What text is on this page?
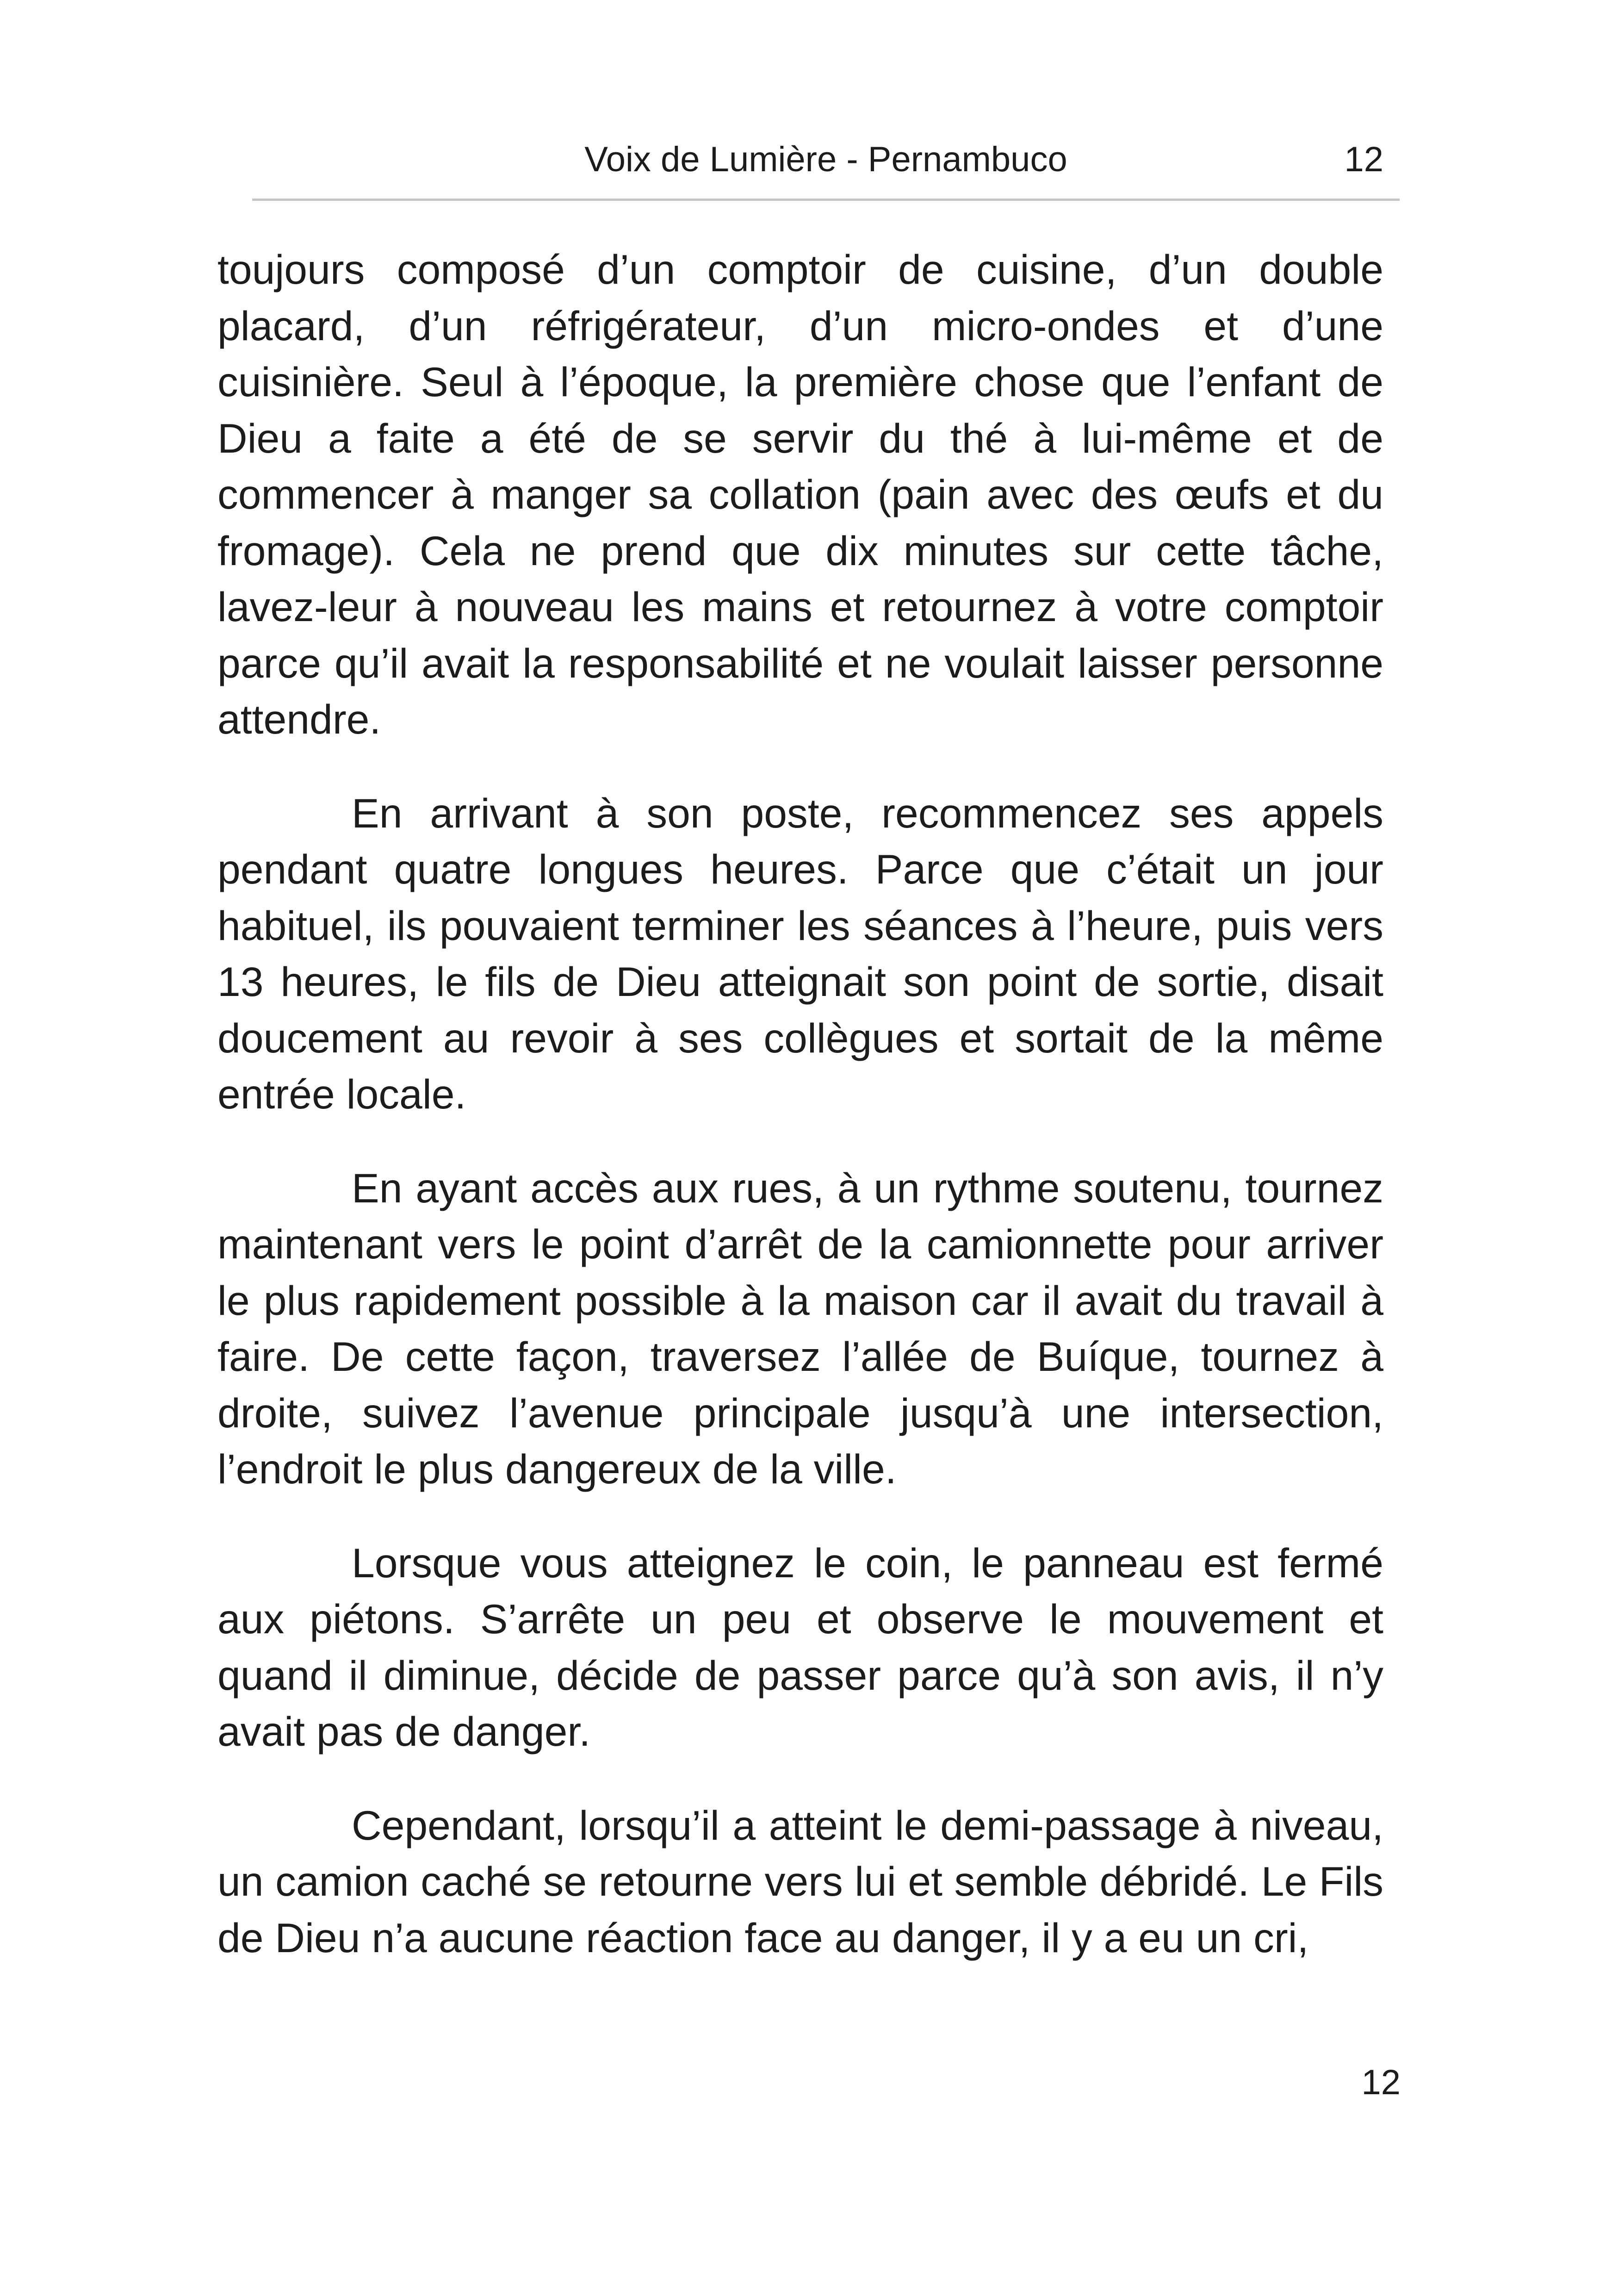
Voix de Lumière - Pernambuco	12

toujours composé d’un comptoir de cuisine, d’un double placard, d’un réfrigérateur, d’un micro-ondes et d’une cuisinière. Seul à l’époque, la première chose que l’enfant de Dieu a faite a été de se servir du thé à lui-même et de commencer à manger sa collation (pain avec des œufs et du fromage). Cela ne prend que dix minutes sur cette tâche, lavez-leur à nouveau les mains et retournez à votre comptoir parce qu’il avait la responsabilité et ne voulait laisser personne attendre.

En arrivant à son poste, recommencez ses appels pendant quatre longues heures. Parce que c’était un jour habituel, ils pouvaient terminer les séances à l’heure, puis vers 13 heures, le fils de Dieu atteignait son point de sortie, disait doucement au revoir à ses collègues et sortait de la même entrée locale.

En ayant accès aux rues, à un rythme soutenu, tournez maintenant vers le point d’arrêt de la camionnette pour arriver le plus rapidement possible à la maison car il avait du travail à faire. De cette façon, traversez l’allée de Buíque, tournez à droite, suivez l’avenue principale jusqu’à une intersection, l’endroit le plus dangereux de la ville.

Lorsque vous atteignez le coin, le panneau est fermé aux piétons. S’arrête un peu et observe le mouvement et quand il diminue, décide de passer parce qu’à son avis, il n’y avait pas de danger.

Cependant, lorsqu’il a atteint le demi-passage à niveau, un camion caché se retourne vers lui et semble débridé. Le Fils de Dieu n’a aucune réaction face au danger, il y a eu un cri,

12
